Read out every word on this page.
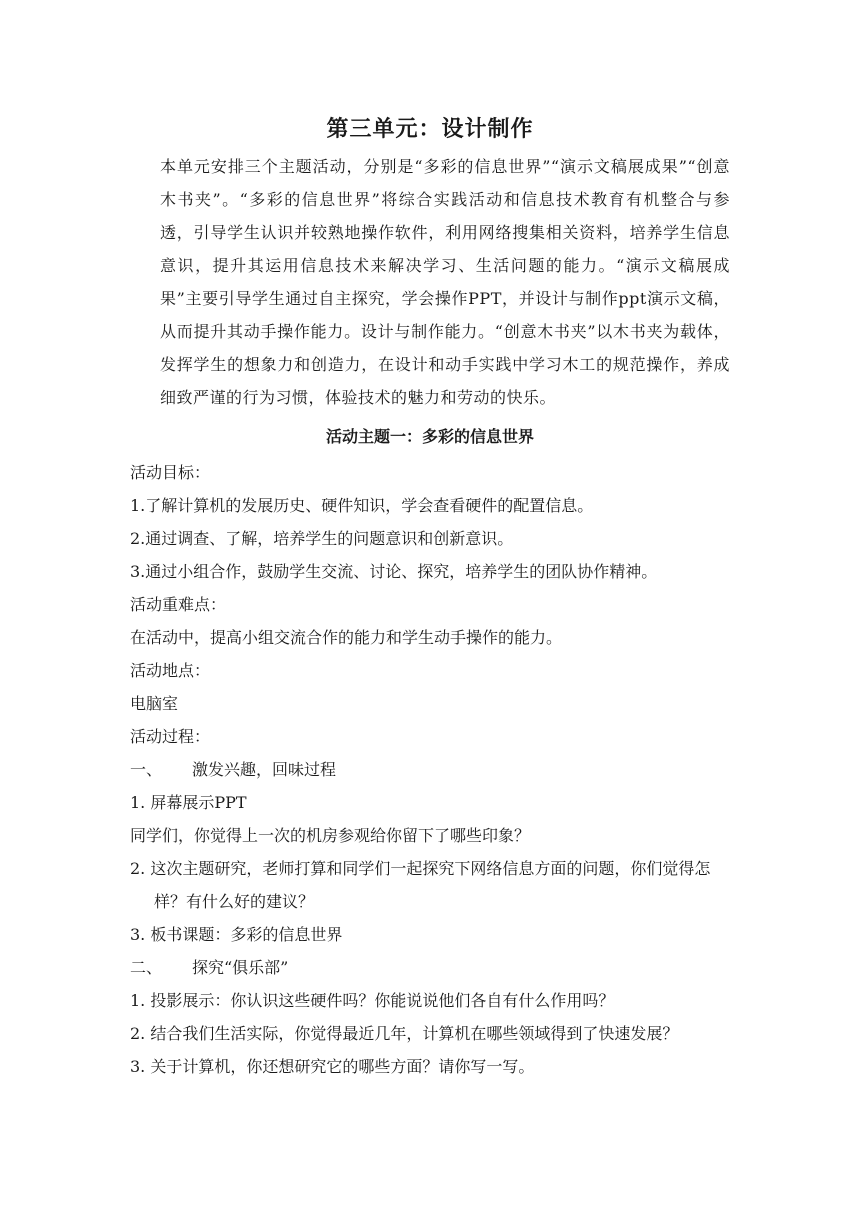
第三单元：设计制作
本单元安排三个主题活动，分别是“多彩的信息世界”“演示文稿展成果”“创意木书夹”。“多彩的信息世界”将综合实践活动和信息技术教育有机整合与参透，引导学生认识并较熟地操作软件，利用网络搜集相关资料，培养学生信息意识，提升其运用信息技术来解决学习、生活问题的能力。“演示文稿展成果”主要引导学生通过自主探究，学会操作PPT，并设计与制作ppt演示文稿，从而提升其动手操作能力。设计与制作能力。“创意木书夹”以木书夹为载体，发挥学生的想象力和创造力，在设计和动手实践中学习木工的规范操作，养成细致严谨的行为习惯，体验技术的魅力和劳动的快乐。
活动主题一：多彩的信息世界
活动目标：
1.了解计算机的发展历史、硬件知识，学会查看硬件的配置信息。
2.通过调查、了解，培养学生的问题意识和创新意识。
3.通过小组合作，鼓励学生交流、讨论、探究，培养学生的团队协作精神。
活动重难点：
在活动中，提高小组交流合作的能力和学生动手操作的能力。
活动地点：
电脑室
活动过程：
一、	激发兴趣，回味过程
1. 屏幕展示PPT
同学们，你觉得上一次的机房参观给你留下了哪些印象？
2. 这次主题研究，老师打算和同学们一起探究下网络信息方面的问题，你们觉得怎样？有什么好的建议？
3. 板书课题：多彩的信息世界
二、	探究“俱乐部”
1. 投影展示：你认识这些硬件吗？你能说说他们各自有什么作用吗？
2. 结合我们生活实际，你觉得最近几年，计算机在哪些领域得到了快速发展？
3. 关于计算机，你还想研究它的哪些方面？请你写一写。
